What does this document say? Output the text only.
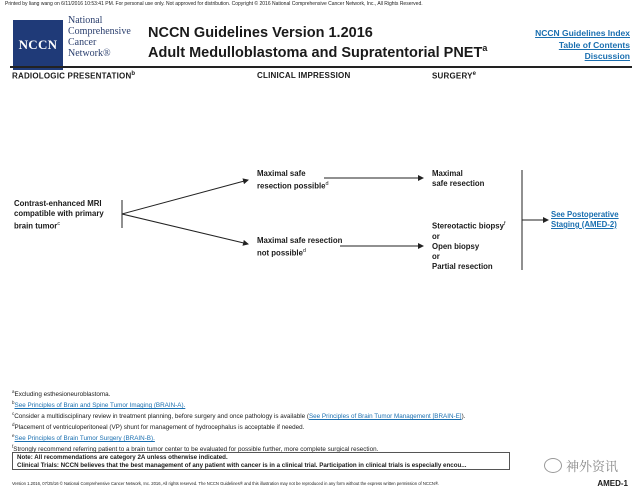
Printed by liang wang on 6/11/2016 10:53:41 PM. For personal use only. Not approved for distribution. Copyright © 2016 National Comprehensive Cancer Network, Inc., All Rights Reserved.
NCCN
National
Comprehensive
Cancer
Network®
NCCN Guidelines Version 1.2016
Adult Medulloblastoma and Supratentorial PNET$^a$
NCCN Guidelines Index
Table of Contents
Discussion
RADIOLOGIC PRESENTATION$^b$	CLINICAL IMPRESSION	SURGERY$^e$
Contrast-enhanced MRI
compatible with primary
brain tumor$^c$
Maximal safe
resection possible$^d$
Maximal safe resection
not possible$^d$
Maximal
safe resection
Stereotactic biopsy$^f$
or
Open biopsy
or
Partial resection
See Postoperative
Staging (AMED-2)
$^a$Excluding esthesioneuroblastoma.
$^b$See Principles of Brain and Spine Tumor Imaging (BRAIN-A).
$^c$Consider a multidisciplinary review in treatment planning, before surgery and once pathology is available (See Principles of Brain Tumor Management [BRAIN-E]).
$^d$Placement of ventriculoperitoneal (VP) shunt for management of hydrocephalus is acceptable if needed.
$^e$See Principles of Brain Tumor Surgery (BRAIN-B).
$^f$Strongly recommend referring patient to a brain tumor center to be evaluated for possible further, more complete surgical resection.
Note: All recommendations are category 2A unless otherwise indicated.
Clinical Trials: NCCN believes that the best management of any patient with cancer is in a clinical trial. Participation in clinical trials is especially encou...	神外资讯
Version 1.2016, 07/25/16 © National Comprehensive Cancer Network, Inc. 2016, All rights reserved. The NCCN Guidelines® and this illustration may not be reproduced in any form without the express written permission of NCCN®.	AMED-1
